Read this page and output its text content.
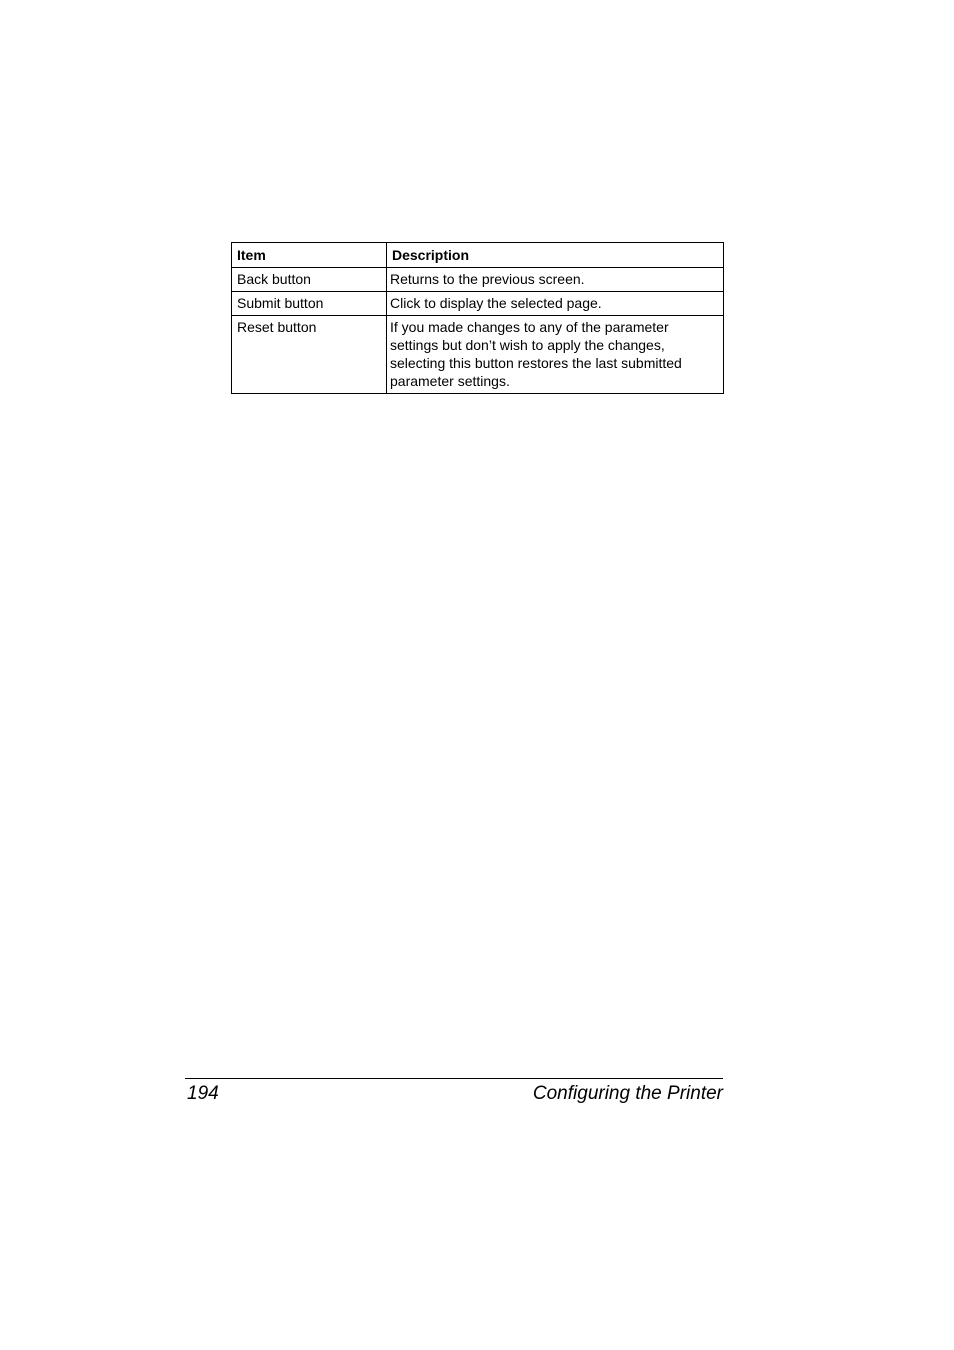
Item	Description
Back button	Returns to the previous screen.
Submit button	Click to display the selected page.
Reset button	If you made changes to any of the parameter settings but don’t wish to apply the changes, selecting this button restores the last submitted parameter settings.
194	Configuring the Printer
